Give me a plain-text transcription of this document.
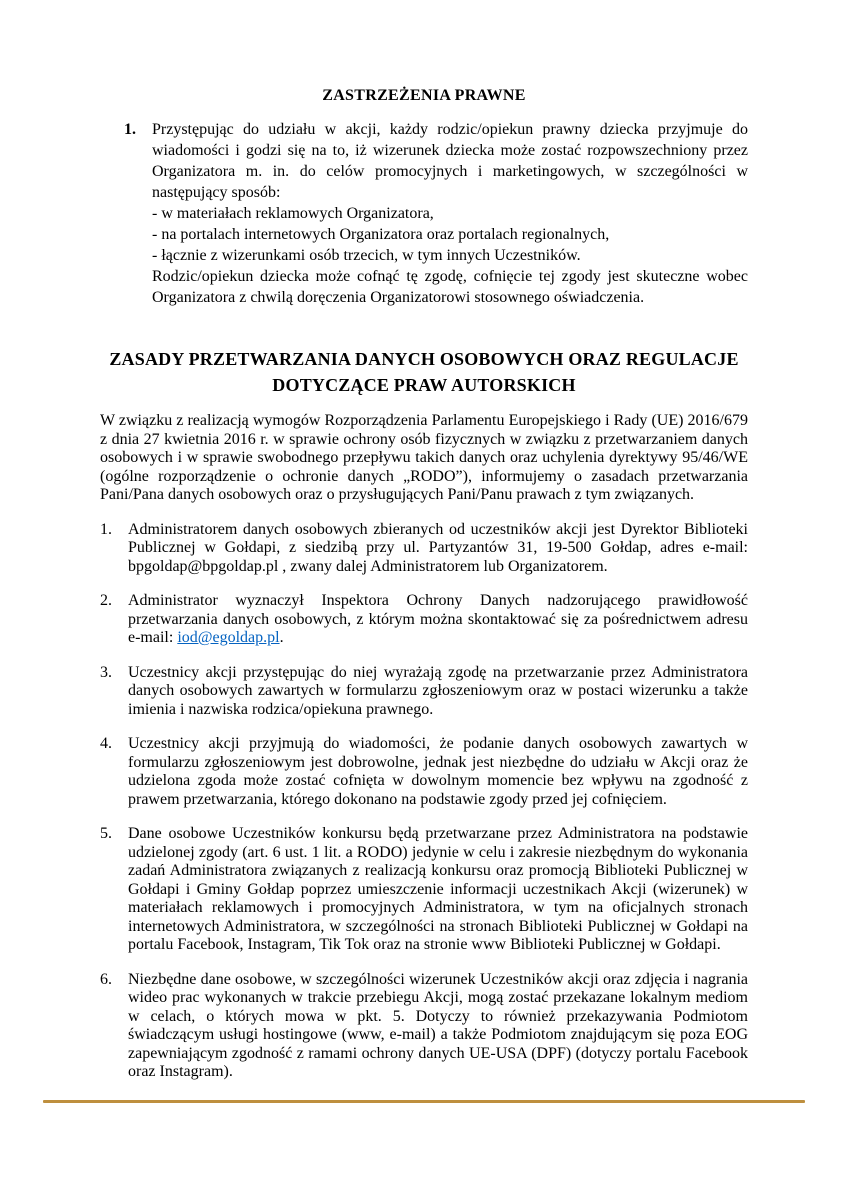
ZASTRZEŻENIA PRAWNE
1.	Przystępując do udziału w akcji, każdy rodzic/opiekun prawny dziecka przyjmuje do wiadomości i godzi się na to, iż wizerunek dziecka może zostać rozpowszechniony przez Organizatora m. in. do celów promocyjnych i marketingowych, w szczególności w następujący sposób:

- w materiałach reklamowych Organizatora,

- na portalach internetowych Organizatora oraz portalach regionalnych,

- łącznie z wizerunkami osób trzecich, w tym innych Uczestników.

Rodzic/opiekun dziecka może cofnąć tę zgodę, cofnięcie tej zgody jest skuteczne wobec Organizatora z chwilą doręczenia Organizatorowi stosownego oświadczenia.

ZASADY PRZETWARZANIA DANYCH OSOBOWYCH ORAZ REGULACJE
DOTYCZĄCE PRAW AUTORSKICH

W związku z realizacją wymogów Rozporządzenia Parlamentu Europejskiego i Rady (UE) 2016/679 z dnia 27 kwietnia 2016 r. w sprawie ochrony osób fizycznych w związku z przetwarzaniem danych osobowych i w sprawie swobodnego przepływu takich danych oraz uchylenia dyrektywy 95/46/WE (ogólne rozporządzenie o ochronie danych „RODO”), informujemy o zasadach przetwarzania Pani/Pana danych osobowych oraz o przysługujących Pani/Panu prawach z tym związanych.

1.	Administratorem danych osobowych zbieranych od uczestników akcji jest Dyrektor Biblioteki Publicznej w Gołdapi, z siedzibą przy ul. Partyzantów 31, 19-500 Gołdap, adres e-mail: bpgoldap@bpgoldap.pl , zwany dalej Administratorem lub Organizatorem.
2.	Administrator wyznaczył Inspektora Ochrony Danych nadzorującego prawidłowość przetwarzania danych osobowych, z którym można skontaktować się za pośrednictwem adresu e-mail: iod@egoldap.pl.
3.	Uczestnicy akcji przystępując do niej wyrażają zgodę na przetwarzanie przez Administratora danych osobowych zawartych w formularzu zgłoszeniowym oraz w postaci wizerunku a także imienia i nazwiska rodzica/opiekuna prawnego.
4.	Uczestnicy akcji przyjmują do wiadomości, że podanie danych osobowych zawartych w formularzu zgłoszeniowym jest dobrowolne, jednak jest niezbędne do udziału w Akcji oraz że udzielona zgoda może zostać cofnięta w dowolnym momencie bez wpływu na zgodność z prawem przetwarzania, którego dokonano na podstawie zgody przed jej cofnięciem.
5.	Dane osobowe Uczestników konkursu będą przetwarzane przez Administratora na podstawie udzielonej zgody (art. 6 ust. 1 lit. a RODO) jedynie w celu i zakresie niezbędnym do wykonania zadań Administratora związanych z realizacją konkursu oraz promocją Biblioteki Publicznej w Gołdapi i Gminy Gołdap poprzez umieszczenie informacji uczestnikach Akcji (wizerunek) w materiałach reklamowych i promocyjnych Administratora, w tym na oficjalnych stronach internetowych Administratora, w szczególności na stronach Biblioteki Publicznej w Gołdapi na portalu Facebook, Instagram, Tik Tok oraz na stronie www Biblioteki Publicznej w Gołdapi.
6.	Niezbędne dane osobowe, w szczególności wizerunek Uczestników akcji oraz zdjęcia i nagrania wideo prac wykonanych w trakcie przebiegu Akcji, mogą zostać przekazane lokalnym mediom w celach, o których mowa w pkt. 5. Dotyczy to również przekazywania Podmiotom świadczącym usługi hostingowe (www, e-mail) a także Podmiotom znajdującym się poza EOG zapewniającym zgodność z ramami ochrony danych UE-USA (DPF) (dotyczy portalu Facebook oraz Instagram).
